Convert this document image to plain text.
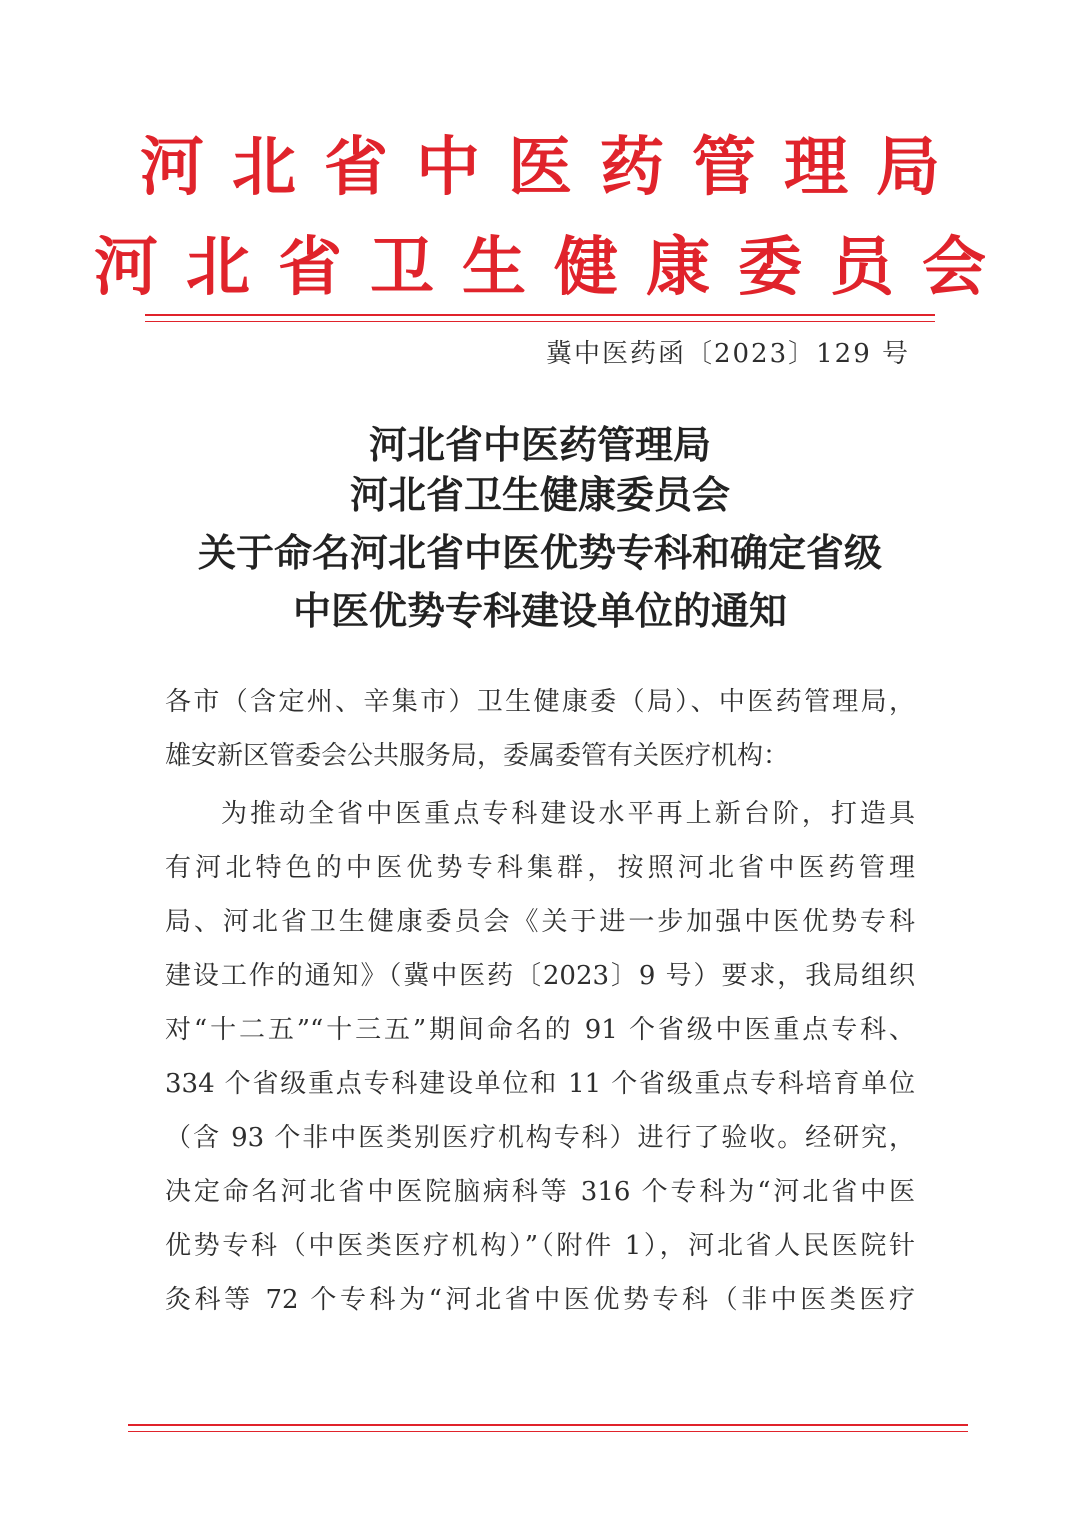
河北省中医药管理局
河北省卫生健康委员会
冀中医药函〔2023〕129 号
河北省中医药管理局
河北省卫生健康委员会
关于命名河北省中医优势专科和确定省级
中医优势专科建设单位的通知
各市（含定州、辛集市）卫生健康委（局）、中医药管理局，
雄安新区管委会公共服务局，委属委管有关医疗机构：
为推动全省中医重点专科建设水平再上新台阶，打造具
有河北特色的中医优势专科集群，按照河北省中医药管理
局、河北省卫生健康委员会《关于进一步加强中医优势专科
建设工作的通知》（冀中医药〔2023〕9 号）要求，我局组织
对“十二五”“十三五”期间命名的 91 个省级中医重点专科、
334 个省级重点专科建设单位和 11 个省级重点专科培育单位
（含 93 个非中医类别医疗机构专科）进行了验收。经研究，
决定命名河北省中医院脑病科等 316 个专科为“河北省中医
优势专科（中医类医疗机构）”（附件 1），河北省人民医院针
灸科等 72 个专科为“河北省中医优势专科（非中医类医疗
